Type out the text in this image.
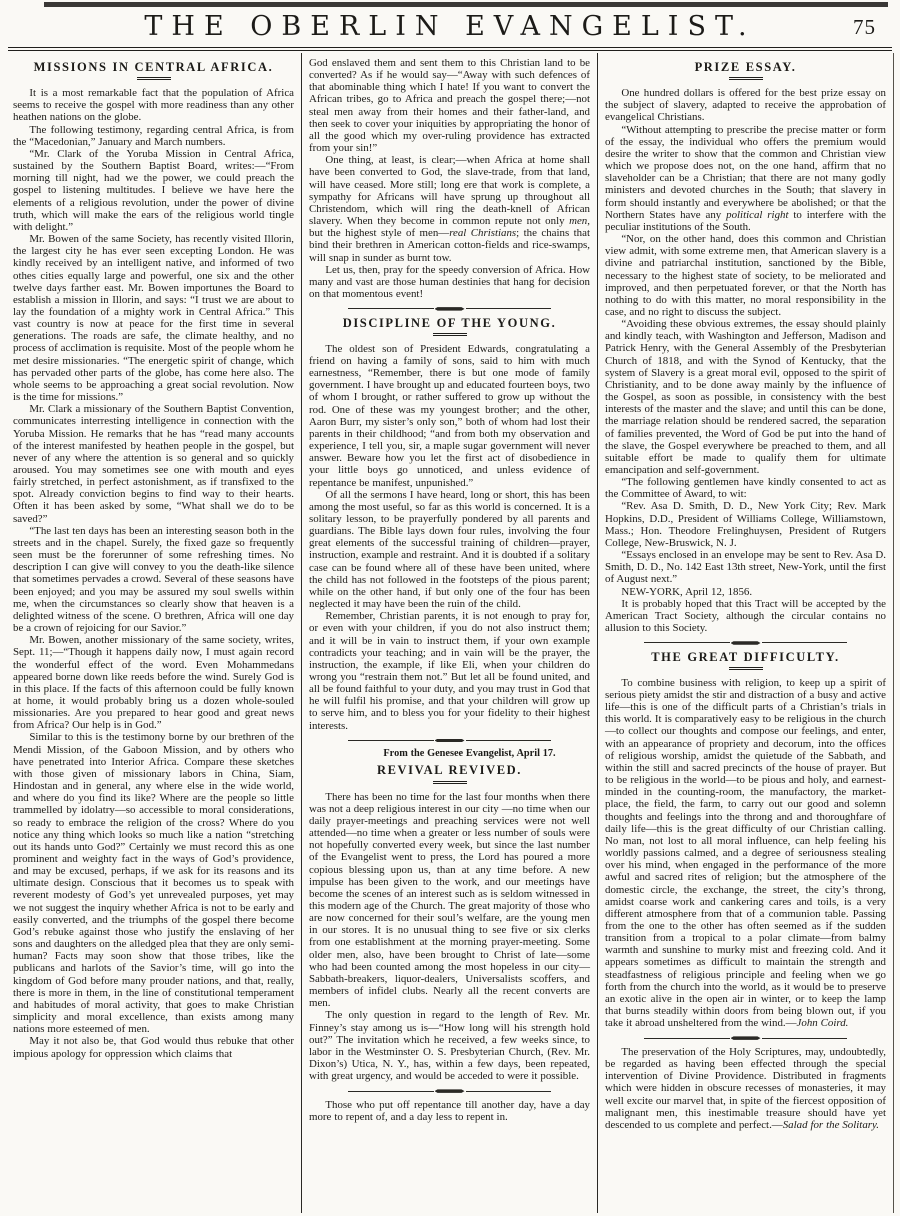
THE OBERLIN EVANGELIST.	75
MISSIONS IN CENTRAL AFRICA.

It is a most remarkable fact that the population of Africa seems to receive the gospel with more readiness than any other heathen nations on the globe.

The following testimony, regarding central Africa, is from the “Macedonian,” January and March numbers.

“Mr. Clark of the Yoruba Mission in Central Africa, sustained by the Southern Baptist Board, writes:—“From morning till night, had we the power, we could preach the gospel to listening multitudes. I believe we have here the elements of a religious revolution, under the power of divine truth, which will make the ears of the religious world tingle with delight.”

Mr. Bowen of the same Society, has recently visited Illorin, the largest city he has ever seen excepting London. He was kindly received by an intelligent native, and informed of two othes cities equally large and powerful, one six and the other twelve days farther east. Mr. Bowen importunes the Board to establish a mission in Illorin, and says: “I trust we are about to lay the foundation of a mighty work in Central Africa.” This vast country is now at peace for the first time in several generations. The roads are safe, the climate healthy, and no process of acclimation is requisite. Most of the people whom he met desire missionaries. “The energetic spirit of change, which has pervaded other parts of the globe, has come here also. The whole seems to be approaching a great social revolution. Now is the time for missions.”

Mr. Clark a missionary of the Southern Baptist Convention, communicates interresting intelligence in connection with the Yoruba Mission. He remarks that he has “read many accounts of the interest manifested by heathen people in the gospel, but never of any where the attention is so general and so quickly aroused. You may sometimes see one with mouth and eyes fairly stretched, in perfect astonishment, as if transfixed to the spot. Already conviction begins to find way to their hearts. Often it has been asked by some, “What shall we do to be saved?”

“The last ten days has been an interesting season both in the streets and in the chapel. Surely, the fixed gaze so frequently seen must be the forerunner of some refreshing times. No description I can give will convey to you the death-like silence that sometimes pervades a crowd. Several of these seasons have been enjoyed; and you may be assured my soul swells within me, when the circumstances so clearly show that heaven is a delighted witness of the scene. O brethren, Africa will one day be a crown of rejoicing for our Savior.”

Mr. Bowen, another missionary of the same society, writes, Sept. 11;—“Though it happens daily now, I must again record the wonderful effect of the word. Even Mohammedans appeared borne down like reeds before the wind. Surely God is in this place. If the facts of this afternoon could be fully known at home, it would probably bring us a dozen whole-souled missionaries. Are you prepared to hear good and great news from Africa? Our help is in God.”

Similar to this is the testimony borne by our brethren of the Mendi Mission, of the Gaboon Mission, and by others who have penetrated into Interior Africa. Compare these sketches with those given of missionary labors in China, Siam, Hindostan and in general, any where else in the wide world, and where do you find its like? Where are the people so little trammelled by idolatry—so accessible to moral considerations, so ready to embrace the religion of the cross? Where do you notice any thing which looks so much like a nation “stretching out its hands unto God?” Certainly we must record this as one prominent and weighty fact in the ways of God’s providence, and may be excused, perhaps, if we ask for its reasons and its ultimate design. Conscious that it becomes us to speak with reverent modesty of God’s yet unrevealed purposes, yet may we not suggest the inquiry whether Africa is not to be early and easily converted, and the triumphs of the gospel there become God’s rebuke against those who justify the enslaving of her sons and daughters on the alledged plea that they are only semi-human? Facts may soon show that those tribes, like the publicans and harlots of the Savior’s time, will go into the kingdom of God before many prouder nations, and that, really, there is more in them, in the line of constitutional temperament and habitudes of moral activity, that goes to make Christian simplicity and moral excellence, than exists among many nations more esteemed of men.

May it not also be, that God would thus rebuke that other impious apology for oppression which claims that

God enslaved them and sent them to this Christian land to be converted? As if he would say—“Away with such defences of that abominable thing which I hate! If you want to convert the African tribes, go to Africa and preach the gospel there;—not steal men away from their homes and their father-land, and then seek to cover your iniquities by appropriating the honor of all the good which my over-ruling providence has extracted from your sin!”

One thing, at least, is clear;—when Africa at home shall have been converted to God, the slave-trade, from that land, will have ceased. More still; long ere that work is complete, a sympathy for Africans will have sprung up throughout all Christendom, which will ring the death-knell of African slavery. When they become in common repute not only men, but the highest style of men—real Christians; the chains that bind their brethren in American cotton-fields and rice-swamps, will snap in sunder as burnt tow.

Let us, then, pray for the speedy conversion of Africa. How many and vast are those human destinies that hang for decision on that momentous event!

DISCIPLINE OF THE YOUNG.

The oldest son of President Edwards, congratulating a friend on having a family of sons, said to him with much earnestness, “Remember, there is but one mode of family government. I have brought up and educated fourteen boys, two of whom I brought, or rather suffered to grow up without the rod. One of these was my youngest brother; and the other, Aaron Burr, my sister’s only son,” both of whom had lost their parents in their childhood; “and from both my observation and experience, I tell you, sir, a maple sugar government will never answer. Beware how you let the first act of disobedience in your little boys go unnoticed, and unless evidence of repentance be manifest, unpunished.”

Of all the sermons I have heard, long or short, this has been among the most useful, so far as this world is concerned. It is a solitary lesson, to be prayerfully pondered by all parents and guardians. The Bible lays down four rules, involving the four great elements of the successful training of children—prayer, instruction, example and restraint. And it is doubted if a solitary case can be found where all of these have been united, where the child has not followed in the footsteps of the pious parent; while on the other hand, if but only one of the four has been neglected it may have been the ruin of the child.

Remember, Christian parents, it is not enough to pray for, or even with your children, if you do not also instruct them; and it will be in vain to instruct them, if your own example contradicts your teaching; and in vain will be the prayer, the instruction, the example, if like Eli, when your children do wrong you “restrain them not.” But let all be found united, and all be found faithful to your duty, and you may trust in God that he will fulfil his promise, and that your children will grow up to serve him, and to bless you for your fidelity to their highest interests.

From the Genesee Evangelist, April 17.

REVIVAL REVIVED.

There has been no time for the last four months when there was not a deep religious interest in our city —no time when our daily prayer-meetings and preaching services were not well attended—no time when a greater or less number of souls were not hopefully converted every week, but since the last number of the Evangelist went to press, the Lord has poured a more copious blessing upon us, than at any time before. A new impulse has been given to the work, and our meetings have become the scenes of an interest such as is seldom witnessed in this modern age of the Church. The great majority of those who are now concerned for their soul’s welfare, are the young men in our stores. It is no unusual thing to see five or six clerks from one establishment at the morning prayer-meeting. Some older men, also, have been brought to Christ of late—some who had been counted among the most hopeless in our city—Sabbath-breakers, liquor-dealers, Universalists scoffers, and members of infidel clubs. Nearly all the recent converts are men.

The only question in regard to the length of Rev. Mr. Finney’s stay among us is—“How long will his strength hold out?” The invitation which he received, a few weeks since, to labor in the Westminster O. S. Presbyterian Church, (Rev. Mr. Dixon’s) Utica, N. Y., has, within a few days, been repeated, with great urgency, and would be acceded to were it possible.

Those who put off repentance till another day, have a day more to repent of, and a day less to repent in.

PRIZE ESSAY.

One hundred dollars is offered for the best prize essay on the subject of slavery, adapted to receive the approbation of evangelical Christians.

“Without attempting to prescribe the precise matter or form of the essay, the individual who offers the premium would desire the writer to show that the common and Christian view which we propose does not, on the one hand, affirm that no slaveholder can be a Christian; that there are not many godly ministers and devoted churches in the South; that slavery in form should instantly and everywhere be abolished; or that the Northern States have any political right to interfere with the peculiar institutions of the South.

“Nor, on the other hand, does this common and Christian view admit, with some extreme men, that American slavery is a divine and patriarchal institution, sanctioned by the Bible, necessary to the highest state of society, to be meliorated and improved, and then perpetuated forever, or that the North has nothing to do with this matter, no moral responsibility in the case, and no right to discuss the subject.

“Avoiding these obvious extremes, the essay should plainly and kindly teach, with Washington and Jefferson, Madison and Patrick Henry, with the General Assembly of the Presbyterian Church of 1818, and with the Synod of Kentucky, that the system of Slavery is a great moral evil, opposed to the spirit of Christianity, and to be done away mainly by the influence of the Gospel, as soon as possible, in consistency with the best interests of the master and the slave; and until this can be done, the marriage relation should be rendered sacred, the separation of families prevented, the Word of God be put into the hand of the slave, the Gospel everywhere be preached to them, and all suitable effort be made to qualify them for ultimate emancipation and self-government.

“The following gentlemen have kindly consented to act as the Committee of Award, to wit:

“Rev. Asa D. Smith, D. D., New York City; Rev. Mark Hopkins, D.D., President of Williams College, Williamstown, Mass.; Hon. Theodore Frelinghuysen, President of Rutgers College, New-Bruswick, N. J.

“Essays enclosed in an envelope may be sent to Rev. Asa D. Smith, D. D., No. 142 East 13th street, New-York, until the first of August next.”

NEW-YORK, April 12, 1856.

It is probably hoped that this Tract will be accepted by the American Tract Society, although the circular contains no allusion to this Society.

THE GREAT DIFFICULTY.

To combine business with religion, to keep up a spirit of serious piety amidst the stir and distraction of a busy and active life—this is one of the difficult parts of a Christian’s trials in this world. It is comparatively easy to be religious in the church—to collect our thoughts and compose our feelings, and enter, with an appearance of propriety and decorum, into the offices of religious worship, amidst the quietude of the Sabbath, and within the still and sacred precincts of the house of prayer. But to be religious in the world—to be pious and holy, and earnest-minded in the counting-room, the manufactory, the market-place, the field, the farm, to carry out our good and solemn thoughts and feelings into the throng and and thoroughfare of daily life—this is the great difficulty of our Christian calling. No man, not lost to all moral influence, can help feeling his worldly passions calmed, and a degree of seriousness stealing over his mind, when engaged in the performance of the more awful and sacred rites of religion; but the atmosphere of the domestic circle, the exchange, the street, the city’s throng, amidst coarse work and cankering cares and toils, is a very different atmosphere from that of a communion table. Passing from the one to the other has often seemed as if the sudden transition from a tropical to a polar climate—from balmy warmth and sunshine to murky mist and freezing cold. And it appears sometimes as difficult to maintain the strength and steadfastness of religious principle and feeling when we go forth from the church into the world, as it would be to preserve an exotic alive in the open air in winter, or to keep the lamp that burns steadily within doors from being blown out, if you take it abroad unsheltered from the wind.—John Coird.

The preservation of the Holy Scriptures, may, undoubtedly, be regarded as having been effected through the special intervention of Divine Providence. Distributed in fragments which were hidden in obscure recesses of monasteries, it may well excite our marvel that, in spite of the fiercest opposition of malignant men, this inestimable treasure should have yet descended to us complete and perfect.—Salad for the Solitary.
